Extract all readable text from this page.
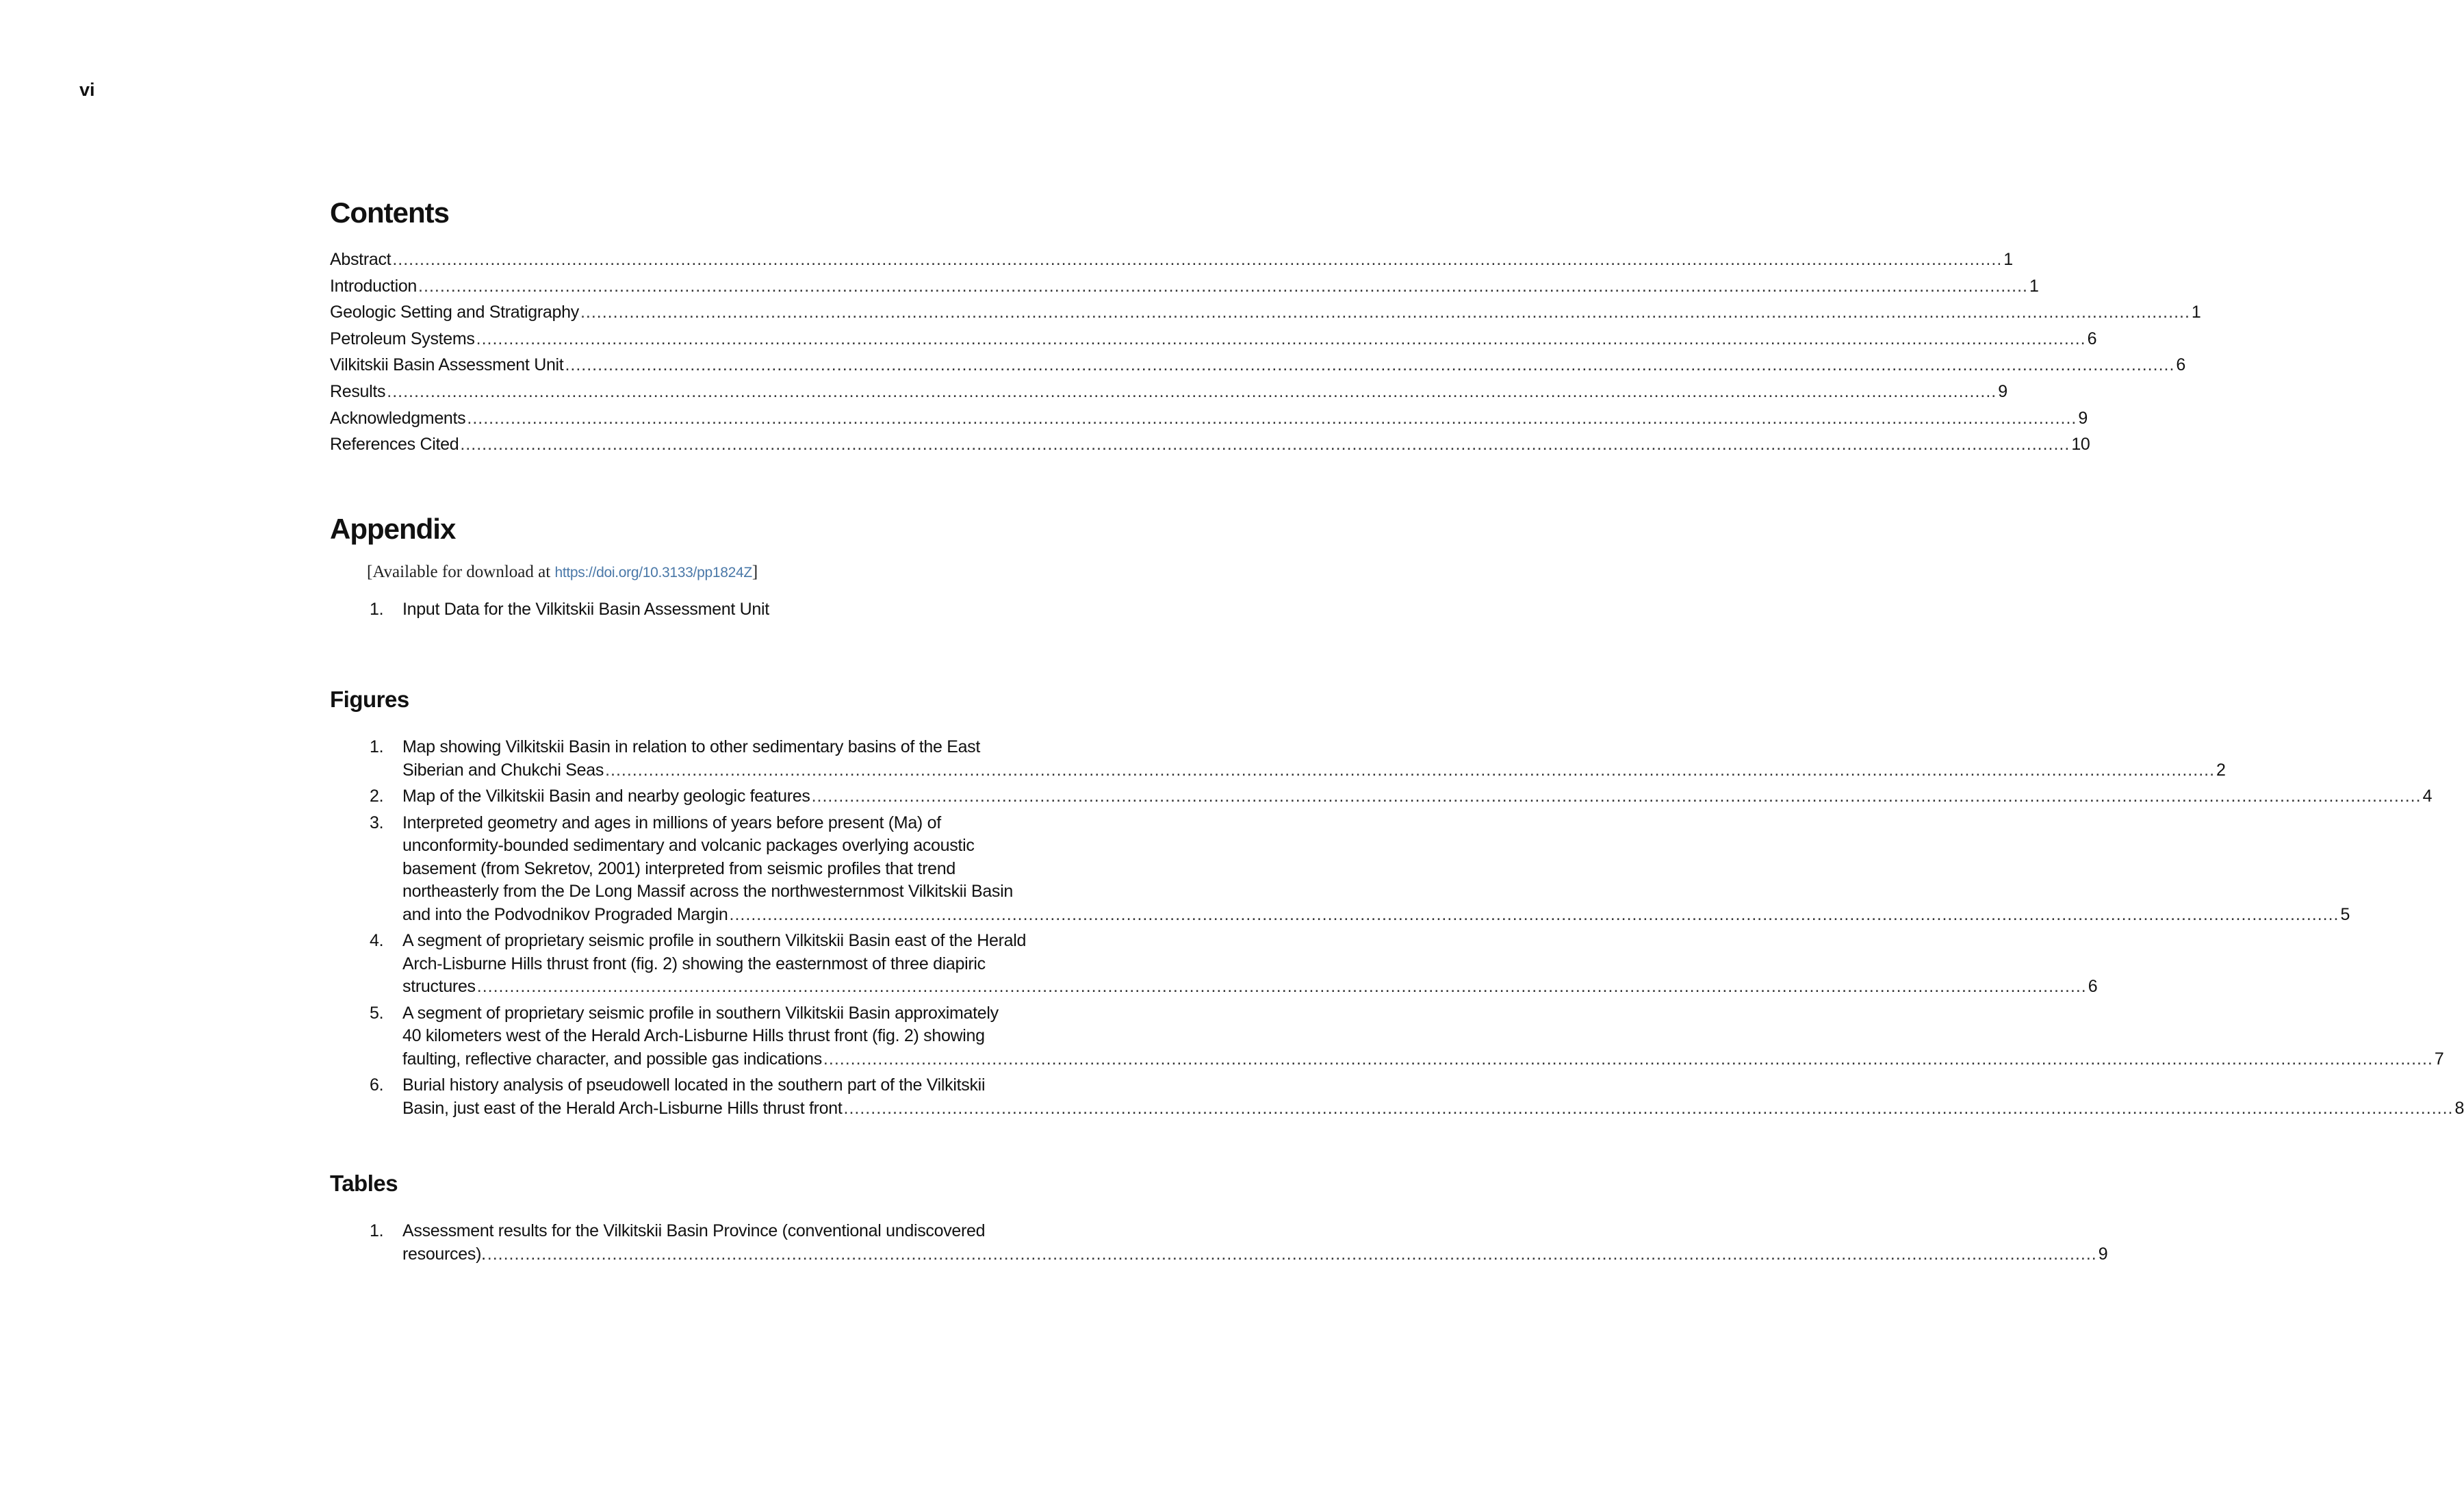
vi
Contents
Abstract .....	1
Introduction .....	1
Geologic Setting and Stratigraphy .....	1
Petroleum Systems .....	6
Vilkitskii Basin Assessment Unit .....	6
Results .....	9
Acknowledgments .....	9
References Cited .....	10
Appendix
[Available for download at https://doi.org/10.3133/pp1824Z]
1.	Input Data for the Vilkitskii Basin Assessment Unit
Figures
1.	Map showing Vilkitskii Basin in relation to other sedimentary basins of the East
Siberian and Chukchi Seas .....	2
2.	Map of the Vilkitskii Basin and nearby geologic features .....	4
3.	Interpreted geometry and ages in millions of years before present (Ma) of
unconformity-bounded sedimentary and volcanic packages overlying acoustic
basement (from Sekretov, 2001) interpreted from seismic profiles that trend
northeasterly from the De Long Massif across the northwesternmost Vilkitskii Basin
and into the Podvodnikov Prograded Margin .....	5
4.	A segment of proprietary seismic profile in southern Vilkitskii Basin east of the Herald
Arch-Lisburne Hills thrust front (fig. 2) showing the easternmost of three diapiric
structures .....	6
5.	A segment of proprietary seismic profile in southern Vilkitskii Basin approximately
40 kilometers west of the Herald Arch-Lisburne Hills thrust front (fig. 2) showing
faulting, reflective character, and possible gas indications .....	7
6.	Burial history analysis of pseudowell located in the southern part of the Vilkitskii
Basin, just east of the Herald Arch-Lisburne Hills thrust front .....	8
Tables
1.	Assessment results for the Vilkitskii Basin Province (conventional undiscovered
resources). .....	9
